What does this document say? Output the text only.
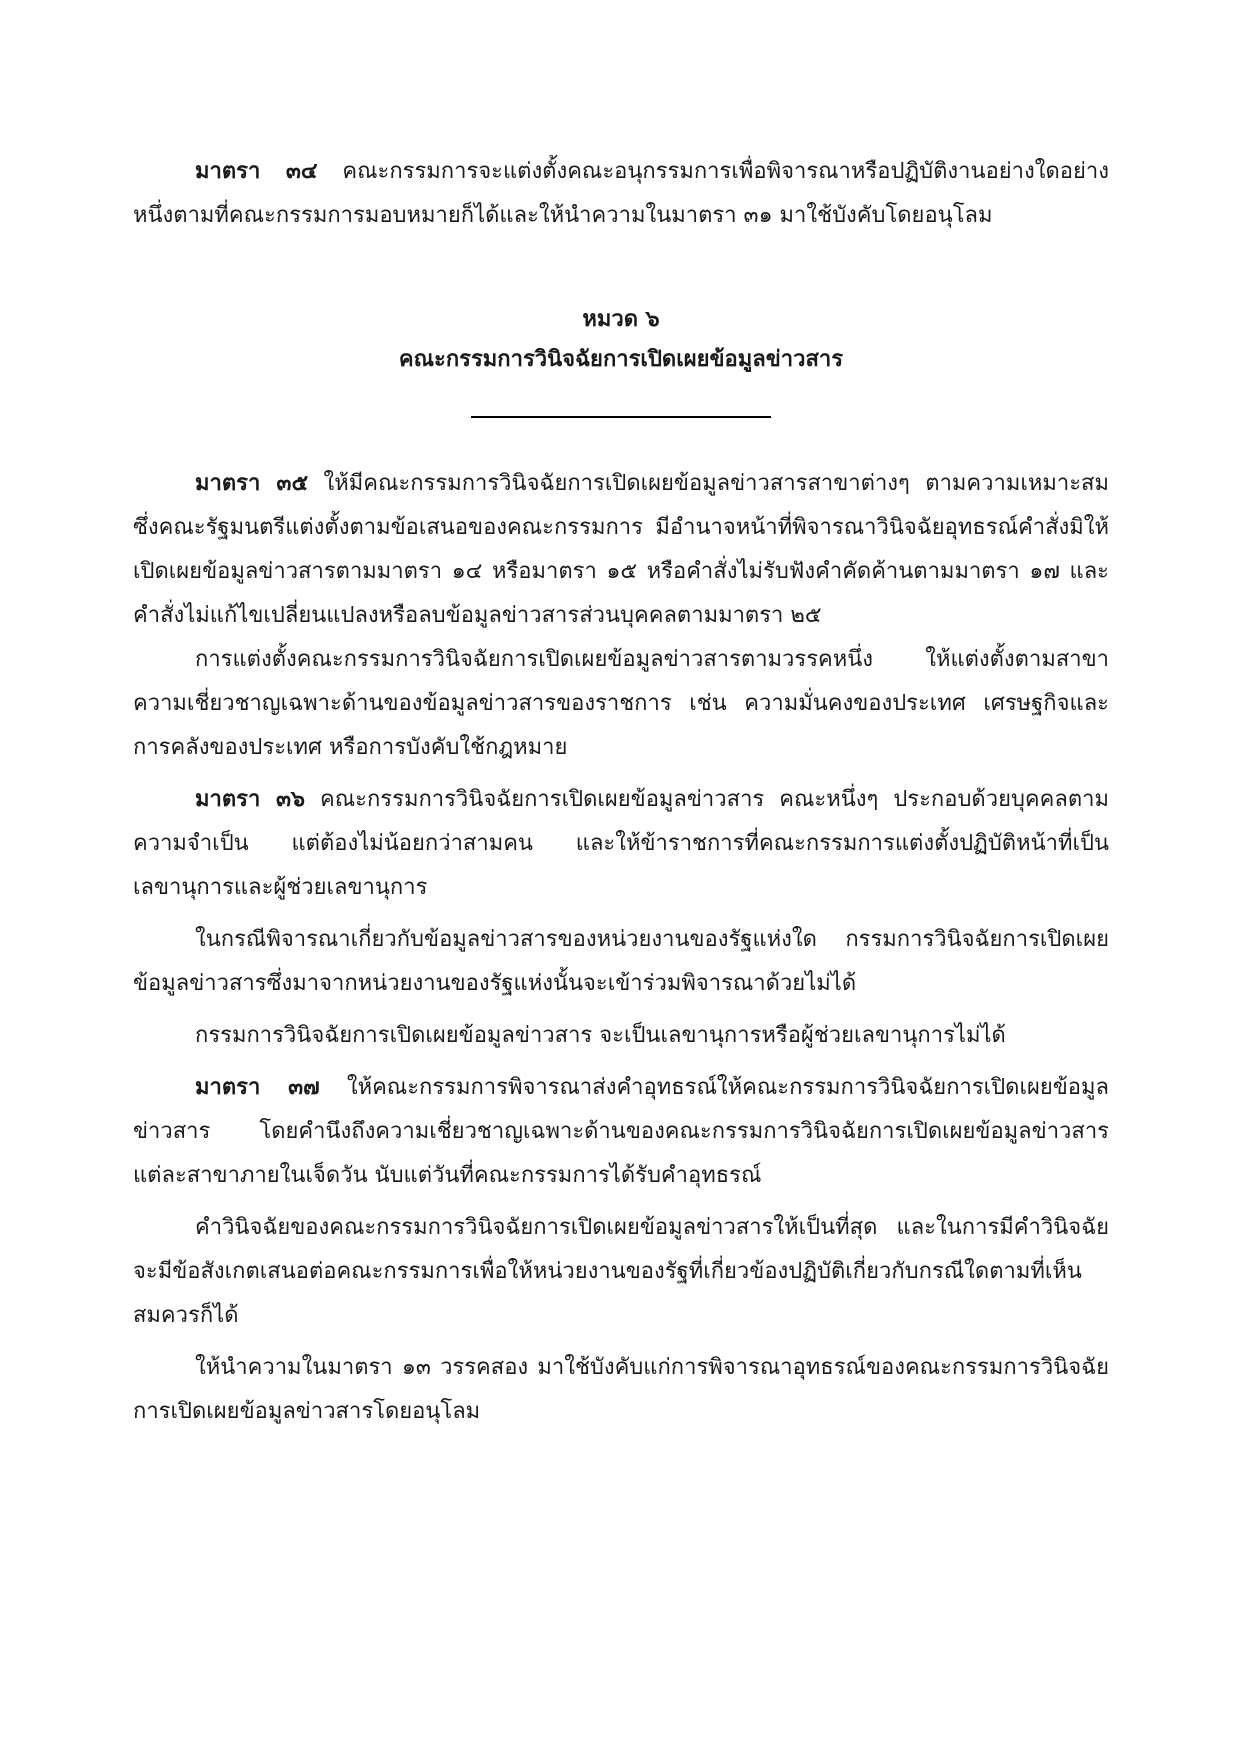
มาตรา ๓๔ คณะกรรมการจะแต่งตั้งคณะอนุกรรมการเพื่อพิจารณาหรือปฏิบัติงานอย่างใดอย่างหนึ่งตามที่คณะกรรมการมอบหมายก็ได้และให้นำความในมาตรา ๓๑ มาใช้บังคับโดยอนุโลม

หมวด ๖

คณะกรรมการวินิจฉัยการเปิดเผยข้อมูลข่าวสาร

มาตรา ๓๕ ให้มีคณะกรรมการวินิจฉัยการเปิดเผยข้อมูลข่าวสารสาขาต่างๆ ตามความเหมาะสม ซึ่งคณะรัฐมนตรีแต่งตั้งตามข้อเสนอของคณะกรรมการ มีอำนาจหน้าที่พิจารณาวินิจฉัยอุทธรณ์คำสั่งมิให้เปิดเผยข้อมูลข่าวสารตามมาตรา ๑๔ หรือมาตรา ๑๕ หรือคำสั่งไม่รับฟังคำคัดค้านตามมาตรา ๑๗ และคำสั่งไม่แก้ไขเปลี่ยนแปลงหรือลบข้อมูลข่าวสารส่วนบุคคลตามมาตรา ๒๕

การแต่งตั้งคณะกรรมการวินิจฉัยการเปิดเผยข้อมูลข่าวสารตามวรรคหนึ่ง ให้แต่งตั้งตามสาขาความเชี่ยวชาญเฉพาะด้านของข้อมูลข่าวสารของราชการ เช่น ความมั่นคงของประเทศ เศรษฐกิจและการคลังของประเทศ หรือการบังคับใช้กฎหมาย

มาตรา ๓๖ คณะกรรมการวินิจฉัยการเปิดเผยข้อมูลข่าวสาร คณะหนึ่งๆ ประกอบด้วยบุคคลตามความจำเป็น แต่ต้องไม่น้อยกว่าสามคน และให้ข้าราชการที่คณะกรรมการแต่งตั้งปฏิบัติหน้าที่เป็นเลขานุการและผู้ช่วยเลขานุการ

ในกรณีพิจารณาเกี่ยวกับข้อมูลข่าวสารของหน่วยงานของรัฐแห่งใด กรรมการวินิจฉัยการเปิดเผยข้อมูลข่าวสารซึ่งมาจากหน่วยงานของรัฐแห่งนั้นจะเข้าร่วมพิจารณาด้วยไม่ได้

กรรมการวินิจฉัยการเปิดเผยข้อมูลข่าวสาร จะเป็นเลขานุการหรือผู้ช่วยเลขานุการไม่ได้

มาตรา ๓๗ ให้คณะกรรมการพิจารณาส่งคำอุทธรณ์ให้คณะกรรมการวินิจฉัยการเปิดเผยข้อมูลข่าวสาร โดยคำนึงถึงความเชี่ยวชาญเฉพาะด้านของคณะกรรมการวินิจฉัยการเปิดเผยข้อมูลข่าวสารแต่ละสาขาภายในเจ็ดวัน นับแต่วันที่คณะกรรมการได้รับคำอุทธรณ์

คำวินิจฉัยของคณะกรรมการวินิจฉัยการเปิดเผยข้อมูลข่าวสารให้เป็นที่สุด และในการมีคำวินิจฉัยจะมีข้อสังเกตเสนอต่อคณะกรรมการเพื่อให้หน่วยงานของรัฐที่เกี่ยวข้องปฏิบัติเกี่ยวกับกรณีใดตามที่เห็นสมควรก็ได้

ให้นำความในมาตรา ๑๓ วรรคสอง มาใช้บังคับแก่การพิจารณาอุทธรณ์ของคณะกรรมการวินิจฉัยการเปิดเผยข้อมูลข่าวสารโดยอนุโลม
